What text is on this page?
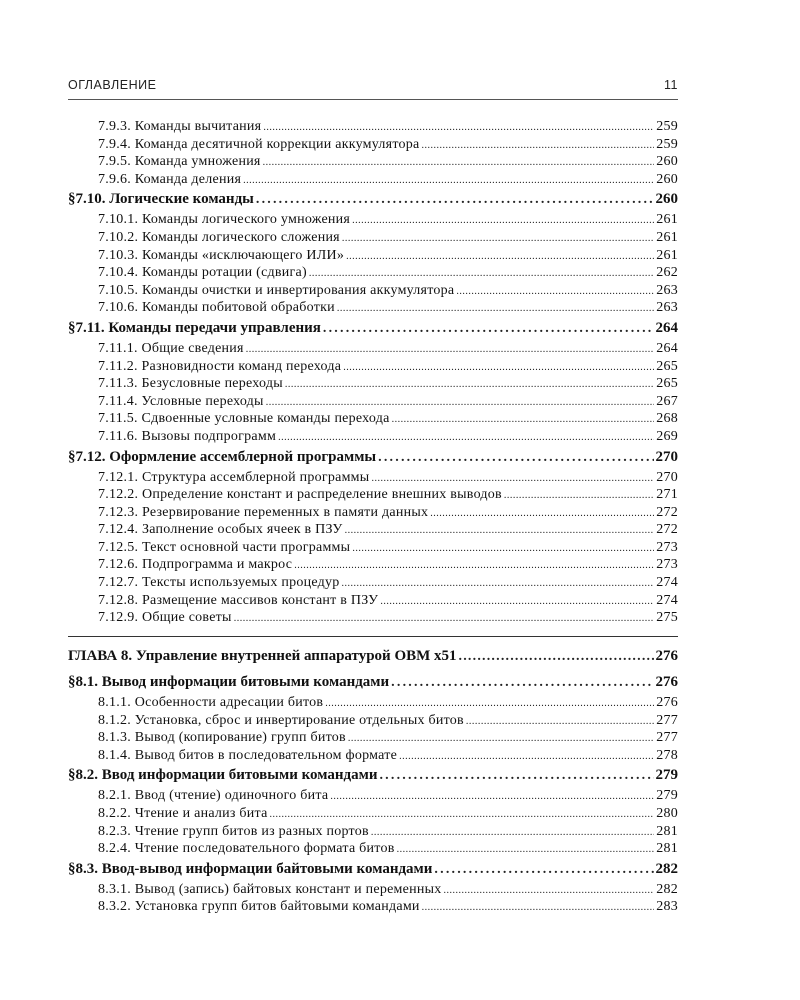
ОГЛАВЛЕНИЕ	11
7.9.3. Команды вычитания .....	259
7.9.4. Команда десятичной коррекции аккумулятора .....	259
7.9.5. Команда умножения .....	260
7.9.6. Команда деления .....	260
§7.10. Логические команды .....	260
7.10.1. Команды логического умножения .....	261
7.10.2. Команды логического сложения .....	261
7.10.3. Команды «исключающего ИЛИ» .....	261
7.10.4. Команды ротации (сдвига) .....	262
7.10.5. Команды очистки и инвертирования аккумулятора .....	263
7.10.6. Команды побитовой обработки .....	263
§7.11. Команды передачи управления .....	264
7.11.1. Общие сведения .....	264
7.11.2. Разновидности команд перехода .....	265
7.11.3. Безусловные переходы .....	265
7.11.4. Условные переходы .....	267
7.11.5. Сдвоенные условные команды перехода .....	268
7.11.6. Вызовы подпрограмм .....	269
§7.12. Оформление ассемблерной программы .....	270
7.12.1. Структура ассемблерной программы .....	270
7.12.2. Определение констант и распределение внешних выводов .....	271
7.12.3. Резервирование переменных в памяти данных .....	272
7.12.4. Заполнение особых ячеек в ПЗУ .....	272
7.12.5. Текст основной части программы .....	273
7.12.6. Подпрограмма и макрос .....	273
7.12.7. Тексты используемых процедур .....	274
7.12.8. Размещение массивов констант в ПЗУ .....	274
7.12.9. Общие советы .....	275
ГЛАВА 8. Управление внутренней аппаратурой OBM x51 .....	276
§8.1. Вывод информации битовыми командами .....	276
8.1.1. Особенности адресации битов .....	276
8.1.2. Установка, сброс и инвертирование отдельных битов .....	277
8.1.3. Вывод (копирование) групп битов .....	277
8.1.4. Вывод битов в последовательном формате .....	278
§8.2. Ввод информации битовыми командами .....	279
8.2.1. Ввод (чтение) одиночного бита .....	279
8.2.2. Чтение и анализ бита .....	280
8.2.3. Чтение групп битов из разных портов .....	281
8.2.4. Чтение последовательного формата битов .....	281
§8.3. Ввод-вывод информации байтовыми командами .....	282
8.3.1. Вывод (запись) байтовых констант и переменных .....	282
8.3.2. Установка групп битов байтовыми командами .....	283
